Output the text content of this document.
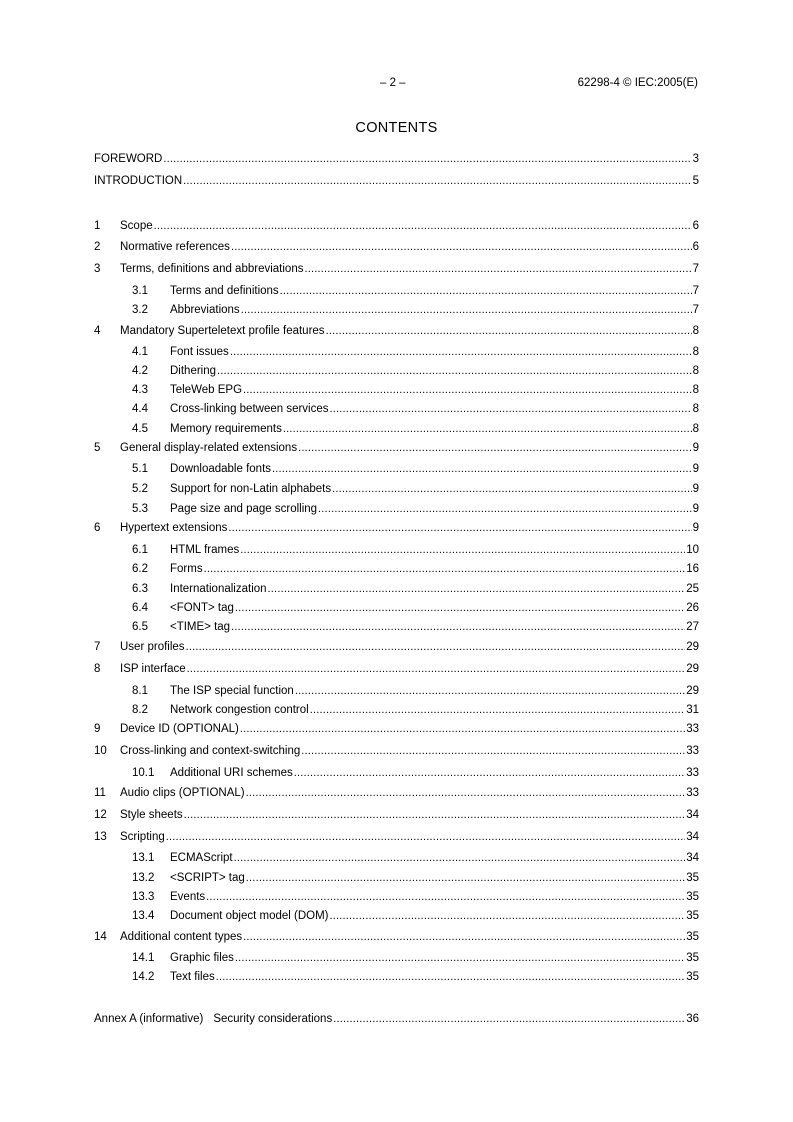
– 2 –	62298-4 © IEC:2005(E)
CONTENTS
FOREWORD .....	3
INTRODUCTION .....	5
1	Scope .....	6
2	Normative references .....	6
3	Terms, definitions and abbreviations .....	7
3.1	Terms and definitions .....	7
3.2	Abbreviations .....	7
4	Mandatory Superteletext profile features .....	8
4.1	Font issues .....	8
4.2	Dithering .....	8
4.3	TeleWeb EPG .....	8
4.4	Cross-linking between services .....	8
4.5	Memory requirements .....	8
5	General display-related extensions .....	9
5.1	Downloadable fonts .....	9
5.2	Support for non-Latin alphabets .....	9
5.3	Page size and page scrolling .....	9
6	Hypertext extensions .....	9
6.1	HTML frames .....	10
6.2	Forms .....	16
6.3	Internationalization .....	25
6.4	<FONT> tag .....	26
6.5	<TIME> tag .....	27
7	User profiles .....	29
8	ISP interface .....	29
8.1	The ISP special function .....	29
8.2	Network congestion control .....	31
9	Device ID (OPTIONAL) .....	33
10	Cross-linking and context-switching .....	33
10.1	Additional URI schemes .....	33
11	Audio clips (OPTIONAL) .....	33
12	Style sheets .....	34
13	Scripting .....	34
13.1	ECMAScript .....	34
13.2	<SCRIPT> tag .....	35
13.3	Events .....	35
13.4	Document object model (DOM) .....	35
14	Additional content types .....	35
14.1	Graphic files .....	35
14.2	Text files .....	35
Annex A (informative) Security considerations .....	36
